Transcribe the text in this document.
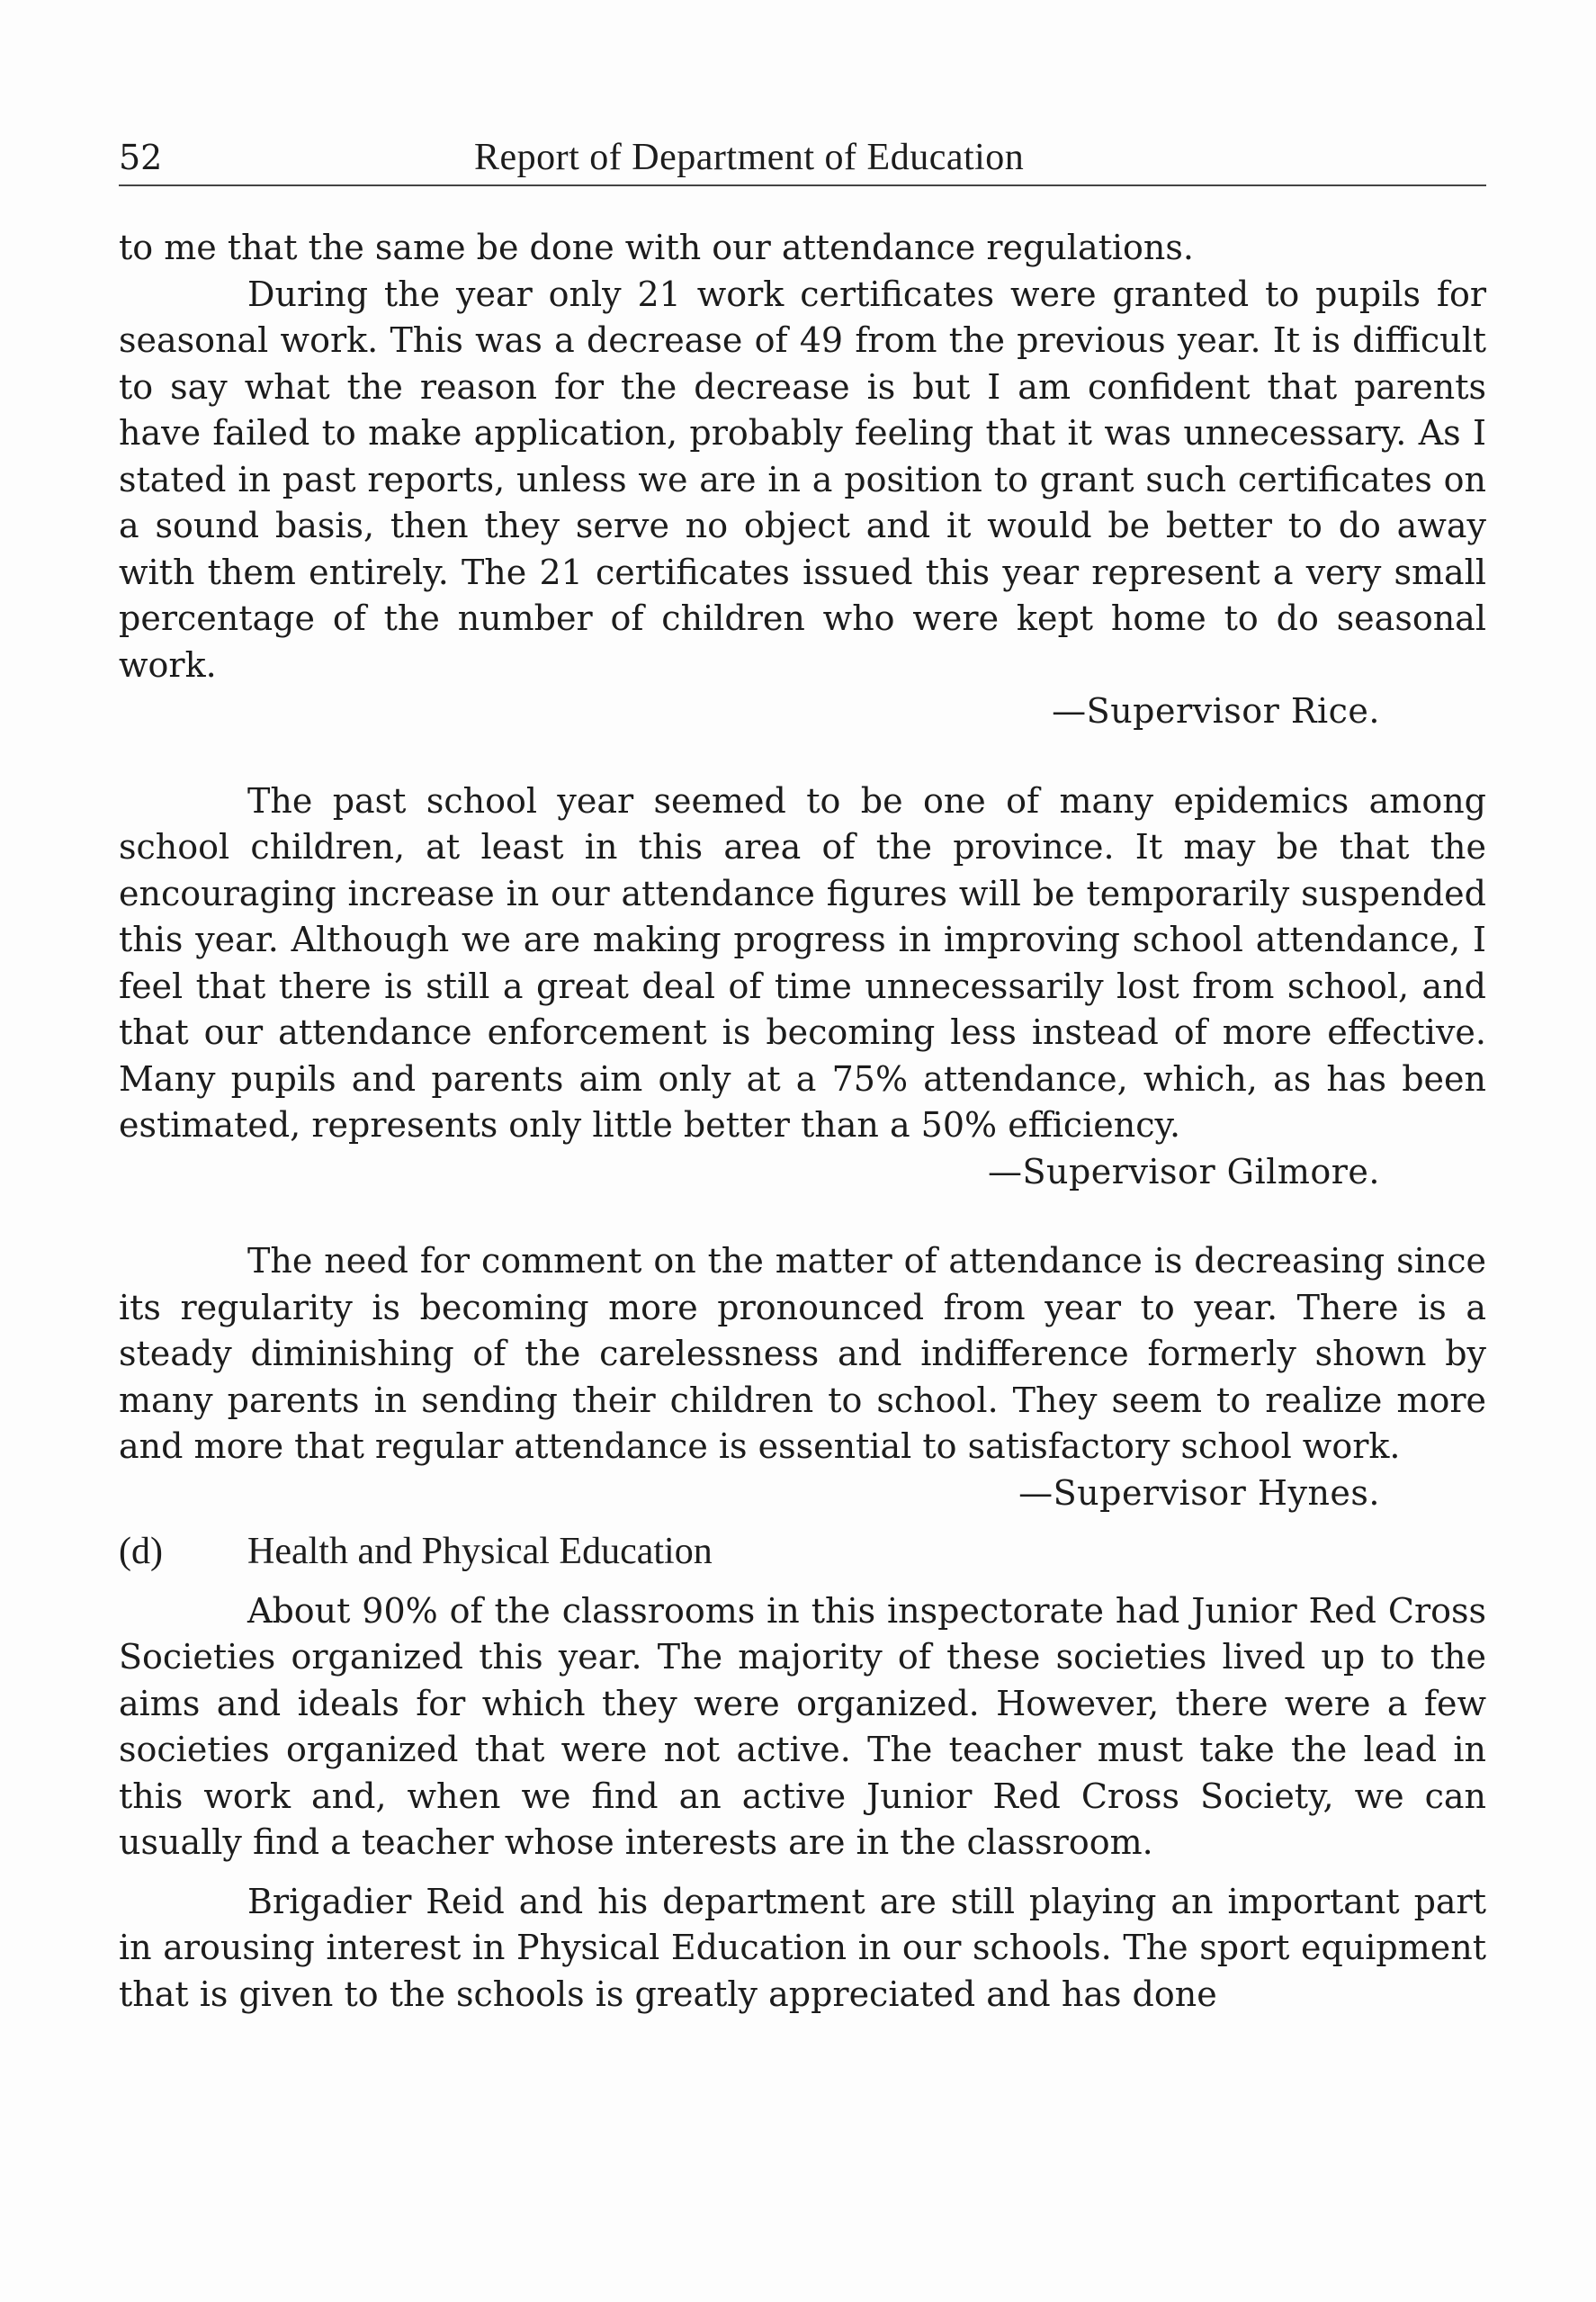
52	Report of Department of Education

to me that the same be done with our attendance regulations.

During the year only 21 work certificates were granted to pupils for seasonal work. This was a decrease of 49 from the previous year. It is difficult to say what the reason for the decrease is but I am confident that parents have failed to make application, probably feeling that it was unnecessary. As I stated in past reports, unless we are in a position to grant such certificates on a sound basis, then they serve no object and it would be better to do away with them entirely. The 21 certificates issued this year represent a very small percentage of the number of children who were kept home to do seasonal work.

—Supervisor Rice.

The past school year seemed to be one of many epidemics among school children, at least in this area of the province. It may be that the encouraging increase in our attendance figures will be temporarily suspended this year. Although we are making progress in improving school attendance, I feel that there is still a great deal of time unnecessarily lost from school, and that our attendance enforcement is becoming less instead of more effective. Many pupils and parents aim only at a 75% attendance, which, as has been estimated, represents only little better than a 50% efficiency.

—Supervisor Gilmore.

The need for comment on the matter of attendance is decreasing since its regularity is becoming more pronounced from year to year. There is a steady diminishing of the carelessness and indifference formerly shown by many parents in sending their children to school. They seem to realize more and more that regular attendance is essential to satisfactory school work.

—Supervisor Hynes.

(d)	Health and Physical Education

About 90% of the classrooms in this inspectorate had Junior Red Cross Societies organized this year. The majority of these societies lived up to the aims and ideals for which they were organized. However, there were a few societies organized that were not active. The teacher must take the lead in this work and, when we find an active Junior Red Cross Society, we can usually find a teacher whose interests are in the classroom.

Brigadier Reid and his department are still playing an important part in arousing interest in Physical Education in our schools. The sport equipment that is given to the schools is greatly appreciated and has done
